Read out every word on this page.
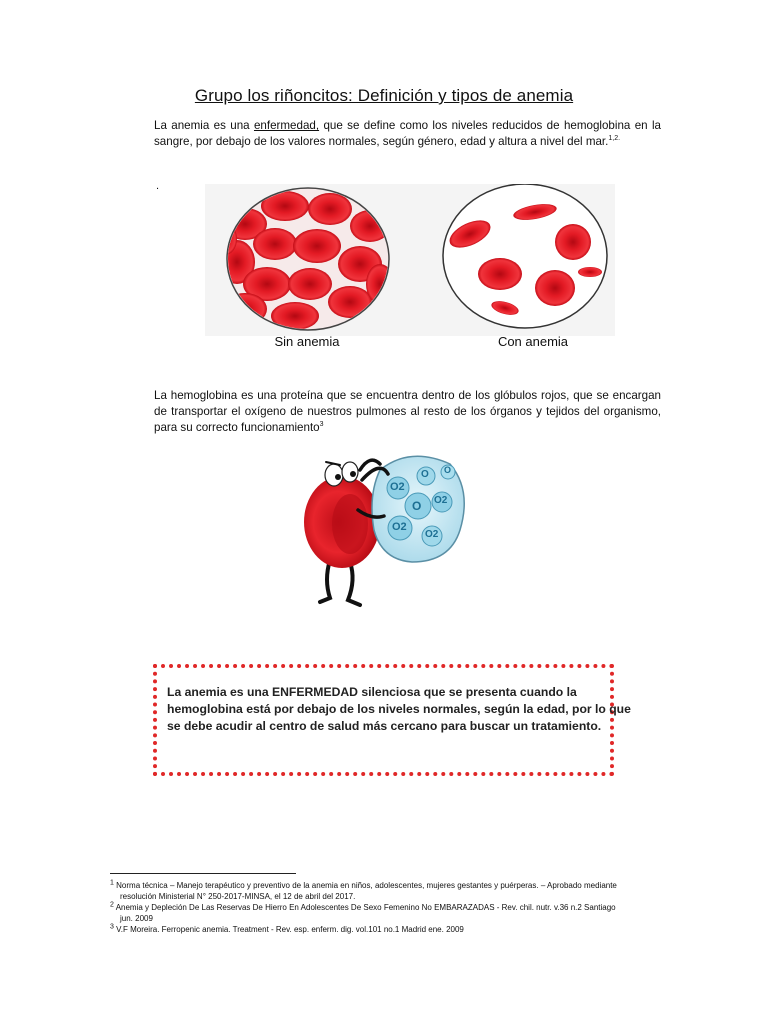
Grupo los riñoncitos: Definición y tipos de anemia

La anemia es una enfermedad, que se define como los niveles reducidos de hemoglobina en la sangre, por debajo de los valores normales, según género, edad y altura a nivel del mar.$^{1,2.}$

.
Sin anemia	Con anemia

La hemoglobina es una proteína que se encuentra dentro de los glóbulos rojos, que se encargan de transportar el oxígeno de nuestros pulmones al resto de los órganos y tejidos del organismo, para su correcto funcionamiento$^3$

O2
O
O2
O
O2
O2
O
La anemia es una ENFERMEDAD silenciosa que se presenta cuando la hemoglobina está por debajo de los niveles normales, según la edad, por lo que se debe acudir al centro de salud más cercano para buscar un tratamiento.

$^1$ Norma técnica – Manejo terapéutico y preventivo de la anemia en niños, adolescentes, mujeres gestantes y puérperas. – Aprobado mediante

resolución Ministerial N° 250-2017-MINSA, el 12 de abril del 2017.

$^2$ Anemia y Depleción De Las Reservas De Hierro En Adolescentes De Sexo Femenino No EMBARAZADAS - Rev. chil. nutr. v.36 n.2 Santiago

jun. 2009

$^3$ V.F Moreira. Ferropenic anemia. Treatment - Rev. esp. enferm. dig. vol.101 no.1 Madrid ene. 2009
